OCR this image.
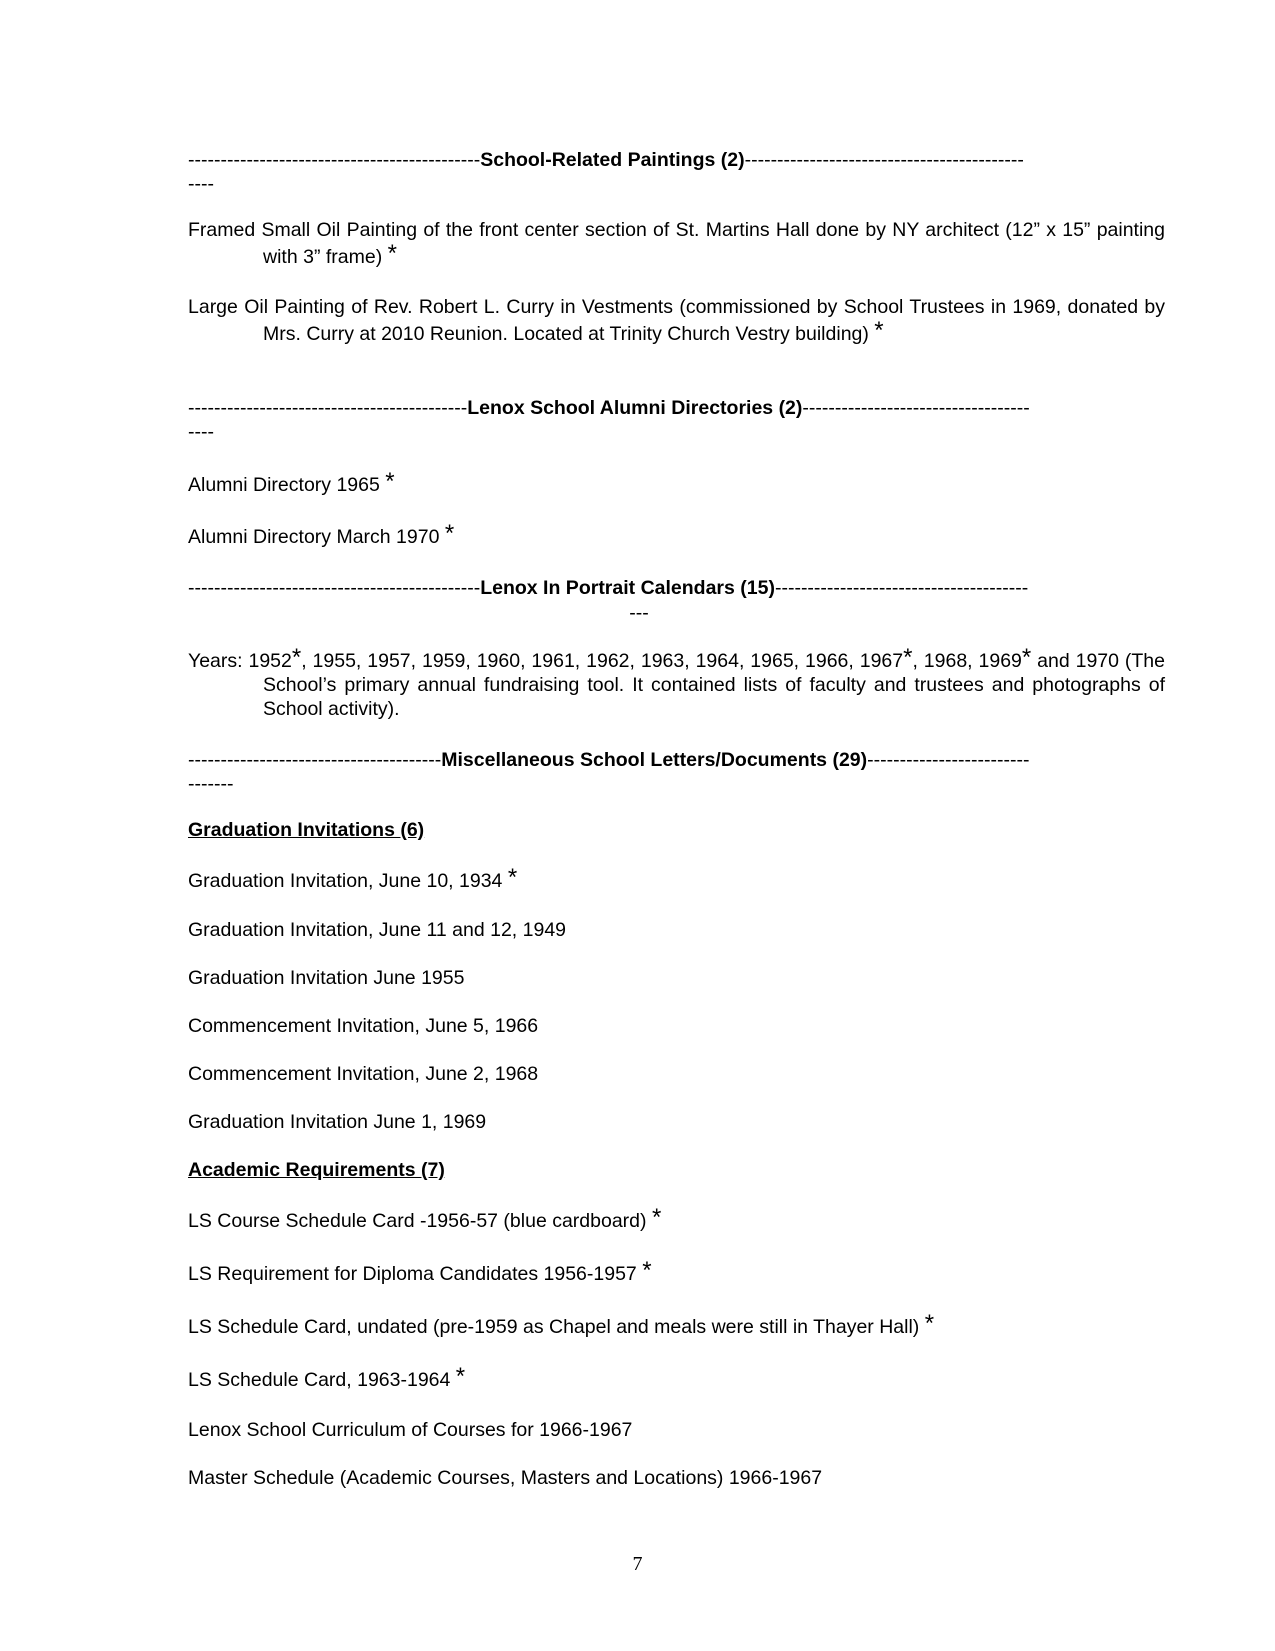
---------------------------------------------School-Related Paintings (2)-------------------------------------------
----

Framed Small Oil Painting of the front center section of St. Martins Hall done by NY architect (12” x 15” painting with 3” frame) *

Large Oil Painting of Rev. Robert L. Curry in Vestments (commissioned by School Trustees in 1969, donated by Mrs. Curry at 2010 Reunion. Located at Trinity Church Vestry building) *

-------------------------------------------Lenox School Alumni Directories (2)-----------------------------------
----

Alumni Directory 1965 *

Alumni Directory March 1970 *

---------------------------------------------Lenox In Portrait Calendars (15)---------------------------------------
---

Years: 1952*, 1955, 1957, 1959, 1960, 1961, 1962, 1963, 1964, 1965, 1966, 1967*, 1968, 1969* and 1970 (The School’s primary annual fundraising tool. It contained lists of faculty and trustees and photographs of School activity).

---------------------------------------Miscellaneous School Letters/Documents (29)-------------------------
-------
Graduation Invitations (6)

Graduation Invitation, June 10, 1934 *

Graduation Invitation, June 11 and 12, 1949

Graduation Invitation June 1955

Commencement Invitation, June 5, 1966

Commencement Invitation, June 2, 1968

Graduation Invitation June 1, 1969

Academic Requirements (7)

LS Course Schedule Card -1956-57 (blue cardboard) *

LS Requirement for Diploma Candidates 1956-1957 *

LS Schedule Card, undated (pre-1959 as Chapel and meals were still in Thayer Hall) *

LS Schedule Card, 1963-1964 *

Lenox School Curriculum of Courses for 1966-1967

Master Schedule (Academic Courses, Masters and Locations) 1966-1967

7
